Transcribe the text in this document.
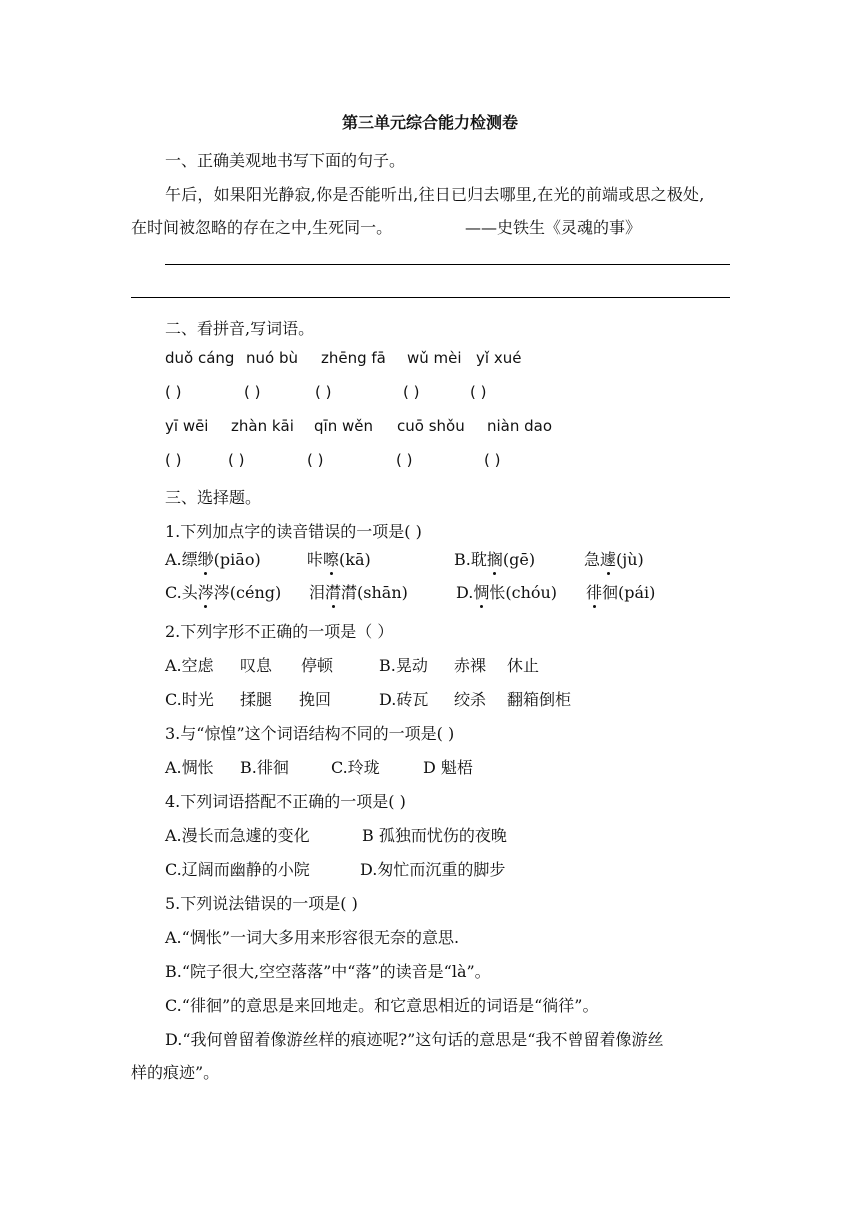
第三单元综合能力检测卷
一、正确美观地书写下面的句子。
午后，如果阳光静寂,你是否能听出,往日已归去哪里,在光的前端或思之极处,
在时间被忽略的存在之中,生死同一。	——史铁生《灵魂的事》
二、看拼音,写词语。
duǒ cáng nuó bù zhēng fā wǔ mèi yǐ xué
( )	( )	( )	( )	( )
yī wēi zhàn kāi qīn wěn cuō shǒu niàn dao
( )	( )	( )	( )	( )
三、选择题。
1.下列加点字的读音错误的一项是( )
A.缥缈(piāo)	咔嚓(kā)	B.耽搁(gē)	急遽(jù)
C.头涔涔(céng) 泪潸潸(shān)	D.惆怅(chóu) 徘徊(pái)
2.下列字形不正确的一项是（ ）
A.空虑 叹息 停顿	B.晃动 赤裸 休止
C.时光 揉腿 挽回	D.砖瓦 绞杀 翻箱倒柜
3.与“惊惶”这个词语结构不同的一项是( )
A.惆怅 B.徘徊	C.玲珑	D 魁梧
4.下列词语搭配不正确的一项是( )
A.漫长而急遽的变化	B 孤独而忧伤的夜晚
C.辽阔而幽静的小院	D.匆忙而沉重的脚步
5.下列说法错误的一项是( )
A.“惆怅”一词大多用来形容很无奈的意思.
B.“院子很大,空空落落”中“落”的读音是“là”。
C.“徘徊”的意思是来回地走。和它意思相近的词语是“徜徉”。
D.“我何曾留着像游丝样的痕迹呢?”这句话的意思是“我不曾留着像游丝
样的痕迹”。
